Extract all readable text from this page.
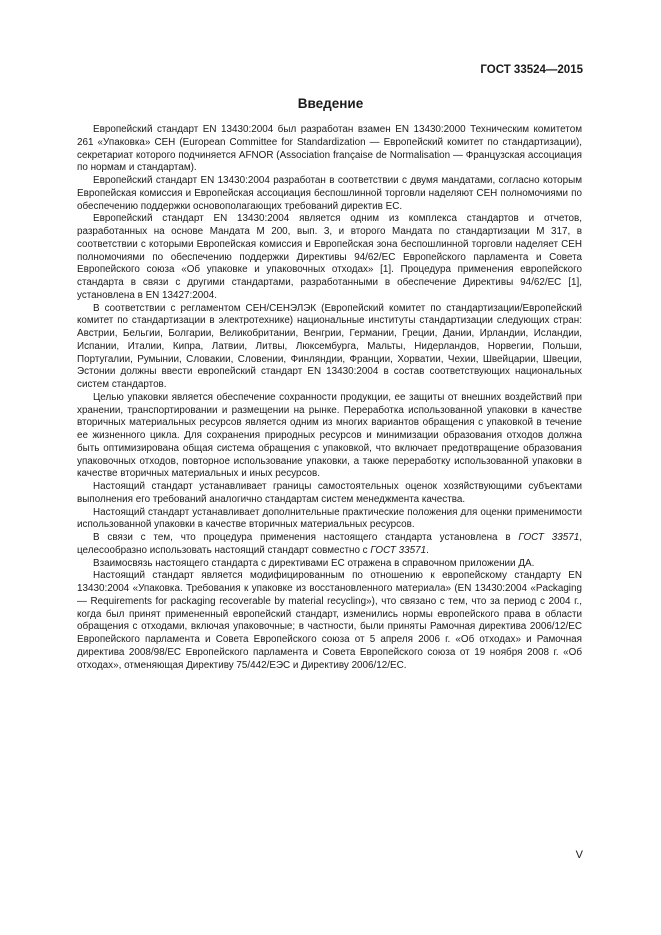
ГОСТ 33524—2015
Введение

Европейский стандарт EN 13430:2004 был разработан взамен EN 13430:2000 Техническим комитетом 261 «Упаковка» CEH (European Committee for Standardization — Европейский комитет по стандартизации), секретариат которого подчиняется AFNOR (Association française de Normalisation — Французская ассоциация по нормам и стандартам).

Европейский стандарт EN 13430:2004 разработан в соответствии с двумя мандатами, согласно которым Европейская комиссия и Европейская ассоциация беспошлинной торговли наделяют CEH полномочиями по обеспечению поддержки основополагающих требований директив ЕС.

Европейский стандарт EN 13430:2004 является одним из комплекса стандартов и отчетов, разработанных на основе Мандата М 200, вып. 3, и второго Мандата по стандартизации М 317, в соответствии с которыми Европейская комиссия и Европейская зона беспошлинной торговли наделяет CEH полномочиями по обеспечению поддержки Директивы 94/62/ЕС Европейского парламента и Совета Европейского союза «Об упаковке и упаковочных отходах» [1]. Процедура применения европейского стандарта в связи с другими стандартами, разработанными в обеспечение Директивы 94/62/ЕС [1], установлена в EN 13427:2004.

В соответствии с регламентом СЕН/СЕНЭЛЭК (Европейский комитет по стандартизации/Европейский комитет по стандартизации в электротехнике) национальные институты стандартизации следующих стран: Австрии, Бельгии, Болгарии, Великобритании, Венгрии, Германии, Греции, Дании, Ирландии, Исландии, Испании, Италии, Кипра, Латвии, Литвы, Люксембурга, Мальты, Нидерландов, Норвегии, Польши, Португалии, Румынии, Словакии, Словении, Финляндии, Франции, Хорватии, Чехии, Швейцарии, Швеции, Эстонии должны ввести европейский стандарт EN 13430:2004 в состав соответствующих национальных систем стандартов.

Целью упаковки является обеспечение сохранности продукции, ее защиты от внешних воздействий при хранении, транспортировании и размещении на рынке. Переработка использованной упаковки в качестве вторичных материальных ресурсов является одним из многих вариантов обращения с упаковкой в течение ее жизненного цикла. Для сохранения природных ресурсов и минимизации образования отходов должна быть оптимизирована общая система обращения с упаковкой, что включает предотвращение образования упаковочных отходов, повторное использование упаковки, а также переработку использованной упаковки в качестве вторичных материальных и иных ресурсов.

Настоящий стандарт устанавливает границы самостоятельных оценок хозяйствующими субъектами выполнения его требований аналогично стандартам систем менеджмента качества.

Настоящий стандарт устанавливает дополнительные практические положения для оценки применимости использованной упаковки в качестве вторичных материальных ресурсов.

В связи с тем, что процедура применения настоящего стандарта установлена в ГОСТ 33571, целесообразно использовать настоящий стандарт совместно с ГОСТ 33571.

Взаимосвязь настоящего стандарта с директивами ЕС отражена в справочном приложении ДА.

Настоящий стандарт является модифицированным по отношению к европейскому стандарту EN 13430:2004 «Упаковка. Требования к упаковке из восстановленного материала» (EN 13430:2004 «Packaging — Requirements for packaging recoverable by material recycling»), что связано с тем, что за период с 2004 г., когда был принят примененный европейский стандарт, изменились нормы европейского права в области обращения с отходами, включая упаковочные; в частности, были приняты Рамочная директива 2006/12/ЕС Европейского парламента и Совета Европейского союза от 5 апреля 2006 г. «Об отходах» и Рамочная директива 2008/98/ЕС Европейского парламента и Совета Европейского союза от 19 ноября 2008 г. «Об отходах», отменяющая Директиву 75/442/ЕЭС и Директиву 2006/12/ЕС.

V
